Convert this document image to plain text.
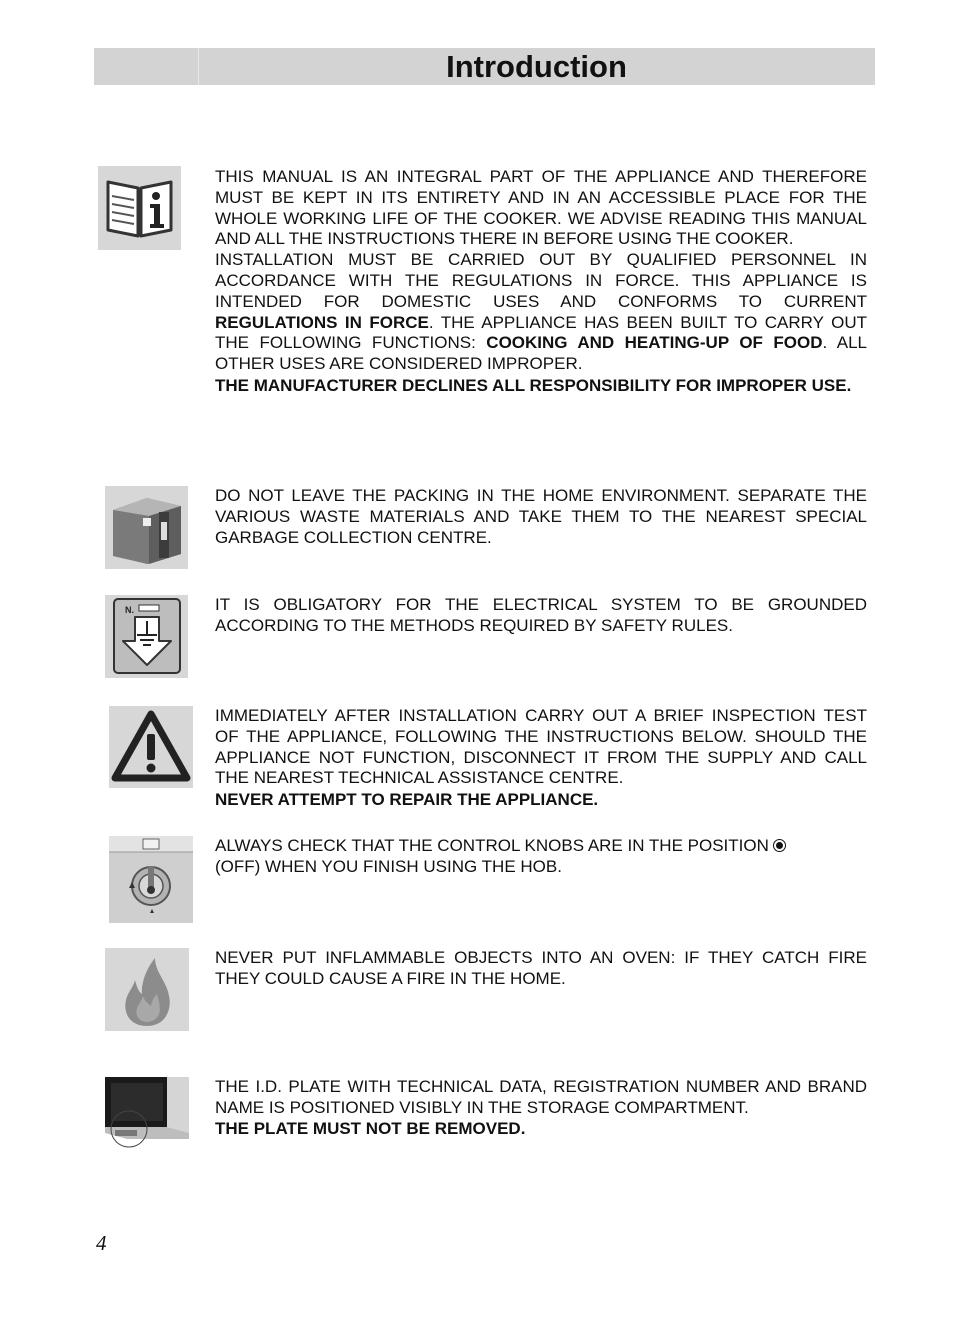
Introduction

THIS MANUAL IS AN INTEGRAL PART OF THE APPLIANCE AND THEREFORE MUST BE KEPT IN ITS ENTIRETY AND IN AN ACCESSIBLE PLACE FOR THE WHOLE WORKING LIFE OF THE COOKER. WE ADVISE READING THIS MANUAL AND ALL THE INSTRUCTIONS THERE IN BEFORE USING THE COOKER.

INSTALLATION MUST BE CARRIED OUT BY QUALIFIED PERSONNEL IN ACCORDANCE WITH THE REGULATIONS IN FORCE. THIS APPLIANCE IS INTENDED FOR DOMESTIC USES AND CONFORMS TO CURRENT REGULATIONS IN FORCE. THE APPLIANCE HAS BEEN BUILT TO CARRY OUT THE FOLLOWING FUNCTIONS: COOKING AND HEATING-UP OF FOOD. ALL OTHER USES ARE CONSIDERED IMPROPER.

THE MANUFACTURER DECLINES ALL RESPONSIBILITY FOR IMPROPER USE.

DO NOT LEAVE THE PACKING IN THE HOME ENVIRONMENT. SEPARATE THE VARIOUS WASTE MATERIALS AND TAKE THEM TO THE NEAREST SPECIAL GARBAGE COLLECTION CENTRE.

N.	IT IS OBLIGATORY FOR THE ELECTRICAL SYSTEM TO BE GROUNDED ACCORDING TO THE METHODS REQUIRED BY SAFETY RULES.

IMMEDIATELY AFTER INSTALLATION CARRY OUT A BRIEF INSPECTION TEST OF THE APPLIANCE, FOLLOWING THE INSTRUCTIONS BELOW. SHOULD THE APPLIANCE NOT FUNCTION, DISCONNECT IT FROM THE SUPPLY AND CALL THE NEAREST TECHNICAL ASSISTANCE CENTRE.

NEVER ATTEMPT TO REPAIR THE APPLIANCE.

ALWAYS CHECK THAT THE CONTROL KNOBS ARE IN THE POSITION
(OFF) WHEN YOU FINISH USING THE HOB.

NEVER PUT INFLAMMABLE OBJECTS INTO AN OVEN: IF THEY CATCH FIRE THEY COULD CAUSE A FIRE IN THE HOME.

THE I.D. PLATE WITH TECHNICAL DATA, REGISTRATION NUMBER AND BRAND NAME IS POSITIONED VISIBLY IN THE STORAGE COMPARTMENT.

THE PLATE MUST NOT BE REMOVED.

4
